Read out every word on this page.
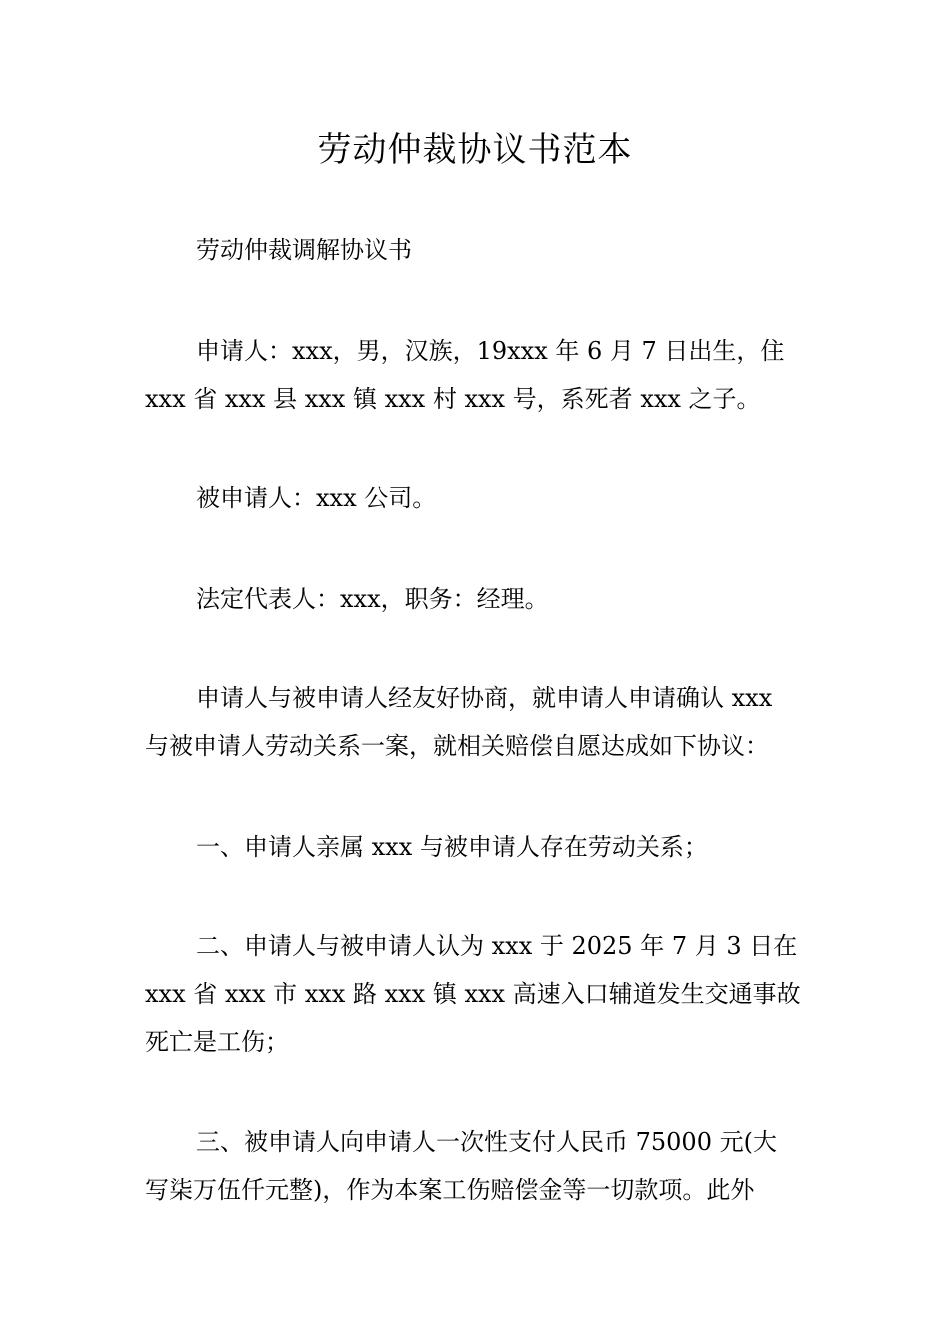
劳动仲裁协议书范本
劳动仲裁调解协议书
申请人：xxx，男，汉族，19xxx 年 6 月 7 日出生，住
xxx 省 xxx 县 xxx 镇 xxx 村 xxx 号，系死者 xxx 之子。
被申请人：xxx 公司。
法定代表人：xxx，职务：经理。
申请人与被申请人经友好协商，就申请人申请确认 xxx
与被申请人劳动关系一案，就相关赔偿自愿达成如下协议：
一、申请人亲属 xxx 与被申请人存在劳动关系；
二、申请人与被申请人认为 xxx 于 2025 年 7 月 3 日在
xxx 省 xxx 市 xxx 路 xxx 镇 xxx 高速入口辅道发生交通事故
死亡是工伤；
三、被申请人向申请人一次性支付人民币 75000 元(大
写柒万伍仟元整)，作为本案工伤赔偿金等一切款项。此外
